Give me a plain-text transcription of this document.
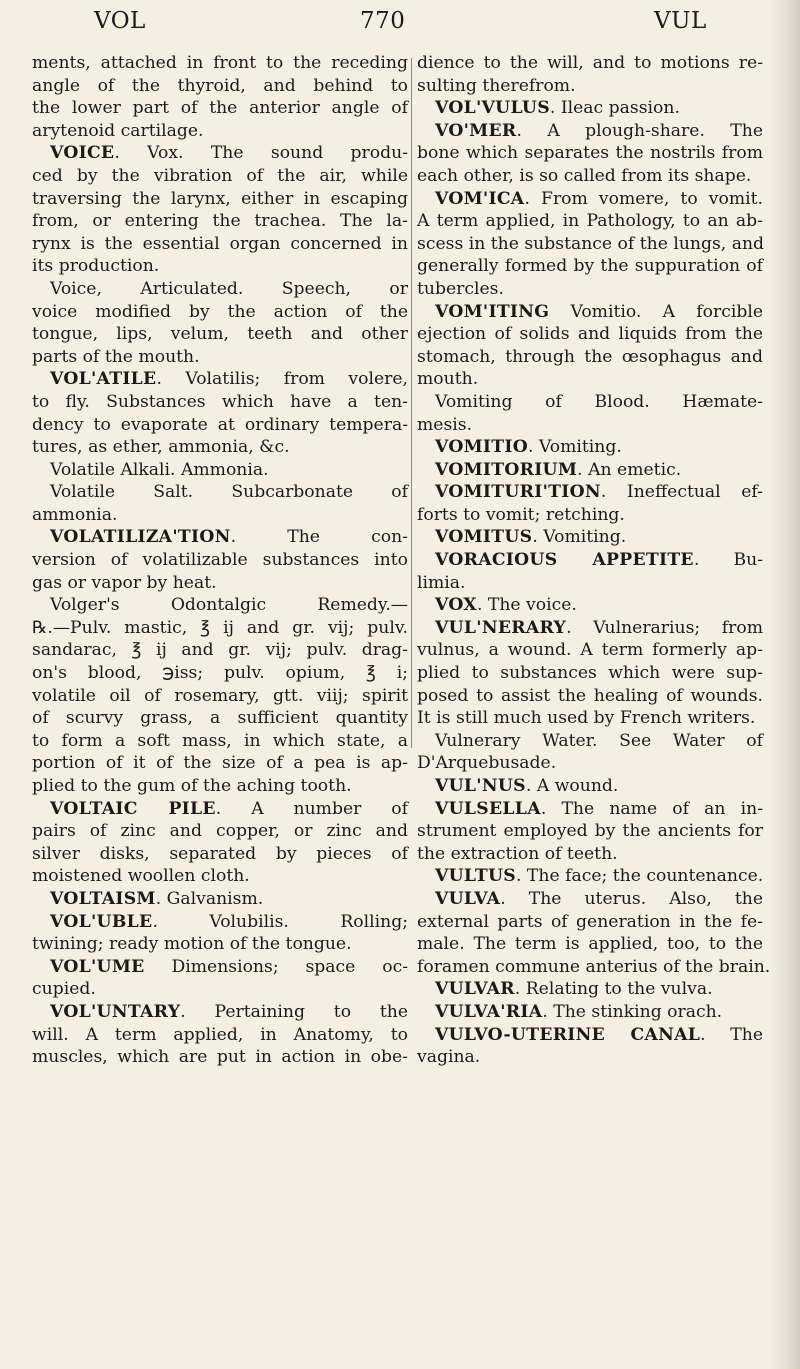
VOL	770	VUL
ments, attached in front to the receding
angle of the thyroid, and behind to
the lower part of the anterior angle of
arytenoid cartilage.
VOICE. Vox. The sound produ-
ced by the vibration of the air, while
traversing the larynx, either in escaping
from, or entering the trachea. The la-
rynx is the essential organ concerned in
its production.
Voice, Articulated. Speech, or
voice modified by the action of the
tongue, lips, velum, teeth and other
parts of the mouth.
VOL'ATILE. Volatilis; from volere,
to fly. Substances which have a ten-
dency to evaporate at ordinary tempera-
tures, as ether, ammonia, &c.
Volatile Alkali. Ammonia.
Volatile Salt. Subcarbonate of
ammonia.
VOLATILIZA'TION. The con-
version of volatilizable substances into
gas or vapor by heat.
Volger's Odontalgic Remedy.—
℞.—Pulv. mastic, ℥ ij and gr. vij; pulv.
sandarac, ℥ ij and gr. vij; pulv. drag-
on's blood, ℈iss; pulv. opium, ℥ i;
volatile oil of rosemary, gtt. viij; spirit
of scurvy grass, a sufficient quantity
to form a soft mass, in which state, a
portion of it of the size of a pea is ap-
plied to the gum of the aching tooth.
VOLTAIC PILE. A number of
pairs of zinc and copper, or zinc and
silver disks, separated by pieces of
moistened woollen cloth.
VOLTAISM . Galvanism.
VOL'UBLE. Volubilis. Rolling;
twining; ready motion of the tongue.
VOL'UME Dimensions; space oc-
cupied.
VOL'UNTARY. Pertaining to the
will. A term applied, in Anatomy, to
muscles, which are put in action in obe-
dience to the will, and to motions re-
sulting therefrom.
VOL'VULUS . Ileac passion.
VO'MER. A plough-share. The
bone which separates the nostrils from
each other, is so called from its shape.
VOM'ICA. From vomere, to vomit.
A term applied, in Pathology, to an ab-
scess in the substance of the lungs, and
generally formed by the suppuration of
tubercles.
VOM'ITING Vomitio. A forcible
ejection of solids and liquids from the
stomach, through the œsophagus and
mouth.
Vomiting of Blood. Hæmate-
mesis.
VOMITIO . Vomiting.
VOMITORIUM . An emetic.
VOMITURI'TION. Ineffectual ef-
forts to vomit; retching.
VOMITUS . Vomiting.
VORACIOUS APPETITE. Bu-
limia.
VOX . The voice.
VUL'NERARY. Vulnerarius; from
vulnus, a wound. A term formerly ap-
plied to substances which were sup-
posed to assist the healing of wounds.
It is still much used by French writers.
Vulnerary Water. See Water of
D'Arquebusade.
VUL'NUS . A wound.
VULSELLA. The name of an in-
strument employed by the ancients for
the extraction of teeth.
VULTUS . The face; the countenance.
VULVA. The uterus. Also, the
external parts of generation in the fe-
male. The term is applied, too, to the
foramen commune anterius of the brain.
VULVAR . Relating to the vulva.
VULVA'RIA . The stinking orach.
VULVO-UTERINE CANAL. The
vagina.
